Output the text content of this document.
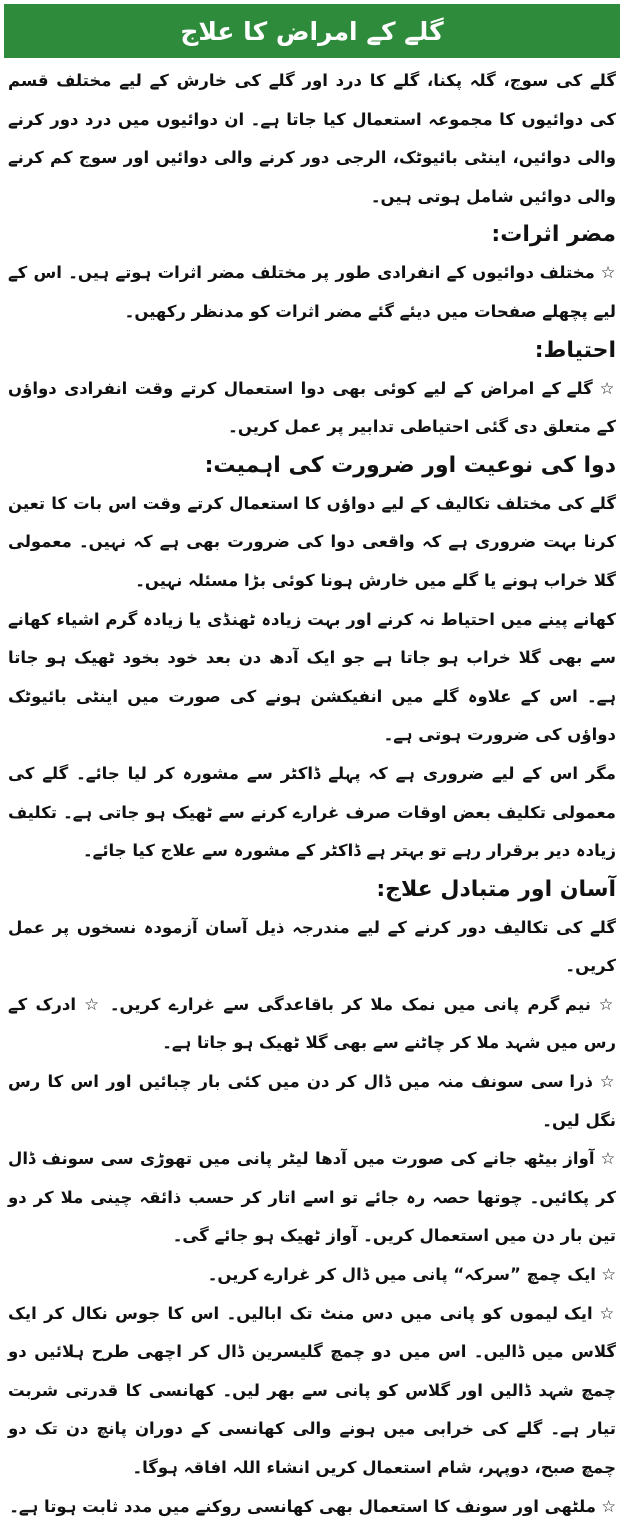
گلے کے امراض کا علاج

گلے کی سوج، گلہ پکنا، گلے کا درد اور گلے کی خارش کے لیے مختلف قسم کی دوائیوں کا مجموعہ استعمال کیا جاتا ہے۔ ان دوائیوں میں درد دور کرنے والی دوائیں، اینٹی بائیوٹک، الرجی دور کرنے والی دوائیں اور سوج کم کرنے والی دوائیں شامل ہوتی ہیں۔

مضر اثرات:

☆ مختلف دوائیوں کے انفرادی طور پر مختلف مضر اثرات ہوتے ہیں۔ اس کے لیے پچھلے صفحات میں دیئے گئے مضر اثرات کو مدنظر رکھیں۔

احتیاط:

☆ گلے کے امراض کے لیے کوئی بھی دوا استعمال کرتے وقت انفرادی دواؤں کے متعلق دی گئی احتیاطی تدابیر پر عمل کریں۔

دوا کی نوعیت اور ضرورت کی اہمیت:

گلے کی مختلف تکالیف کے لیے دواؤں کا استعمال کرتے وقت اس بات کا تعین کرنا بہت ضروری ہے کہ واقعی دوا کی ضرورت بھی ہے کہ نہیں۔ معمولی گلا خراب ہونے یا گلے میں خارش ہونا کوئی بڑا مسئلہ نہیں۔

کھانے پینے میں احتیاط نہ کرنے اور بہت زیادہ ٹھنڈی یا زیادہ گرم اشیاء کھانے سے بھی گلا خراب ہو جاتا ہے جو ایک آدھ دن بعد خود بخود ٹھیک ہو جاتا ہے۔ اس کے علاوہ گلے میں انفیکشن ہونے کی صورت میں اینٹی بائیوٹک دواؤں کی ضرورت ہوتی ہے۔

مگر اس کے لیے ضروری ہے کہ پہلے ڈاکٹر سے مشورہ کر لیا جائے۔ گلے کی معمولی تکلیف بعض اوقات صرف غرارے کرنے سے ٹھیک ہو جاتی ہے۔ تکلیف زیادہ دیر برقرار رہے تو بہتر ہے ڈاکٹر کے مشورہ سے علاج کیا جائے۔

آسان اور متبادل علاج:

گلے کی تکالیف دور کرنے کے لیے مندرجہ ذیل آسان آزمودہ نسخوں پر عمل کریں۔

☆ نیم گرم پانی میں نمک ملا کر باقاعدگی سے غرارے کریں۔ ☆ ادرک کے رس میں شہد ملا کر چاٹنے سے بھی گلا ٹھیک ہو جاتا ہے۔

☆ ذرا سی سونف منہ میں ڈال کر دن میں کئی بار چبائیں اور اس کا رس نگل لیں۔

☆ آواز بیٹھ جانے کی صورت میں آدھا لیٹر پانی میں تھوڑی سی سونف ڈال کر پکائیں۔ چوتھا حصہ رہ جائے تو اسے اتار کر حسب ذائقہ چینی ملا کر دو تین بار دن میں استعمال کریں۔ آواز ٹھیک ہو جائے گی۔

☆ ایک چمچ ”سرکہ“ پانی میں ڈال کر غرارے کریں۔

☆ ایک لیموں کو پانی میں دس منٹ تک ابالیں۔ اس کا جوس نکال کر ایک گلاس میں ڈالیں۔ اس میں دو چمچ گلیسرین ڈال کر اچھی طرح ہلائیں دو چمچ شہد ڈالیں اور گلاس کو پانی سے بھر لیں۔ کھانسی کا قدرتی شربت تیار ہے۔ گلے کی خرابی میں ہونے والی کھانسی کے دوران پانچ دن تک دو چمچ صبح، دوپہر، شام استعمال کریں انشاء اللہ افاقہ ہوگا۔

☆ ملٹھی اور سونف کا استعمال بھی کھانسی روکنے میں مدد ثابت ہوتا ہے۔
